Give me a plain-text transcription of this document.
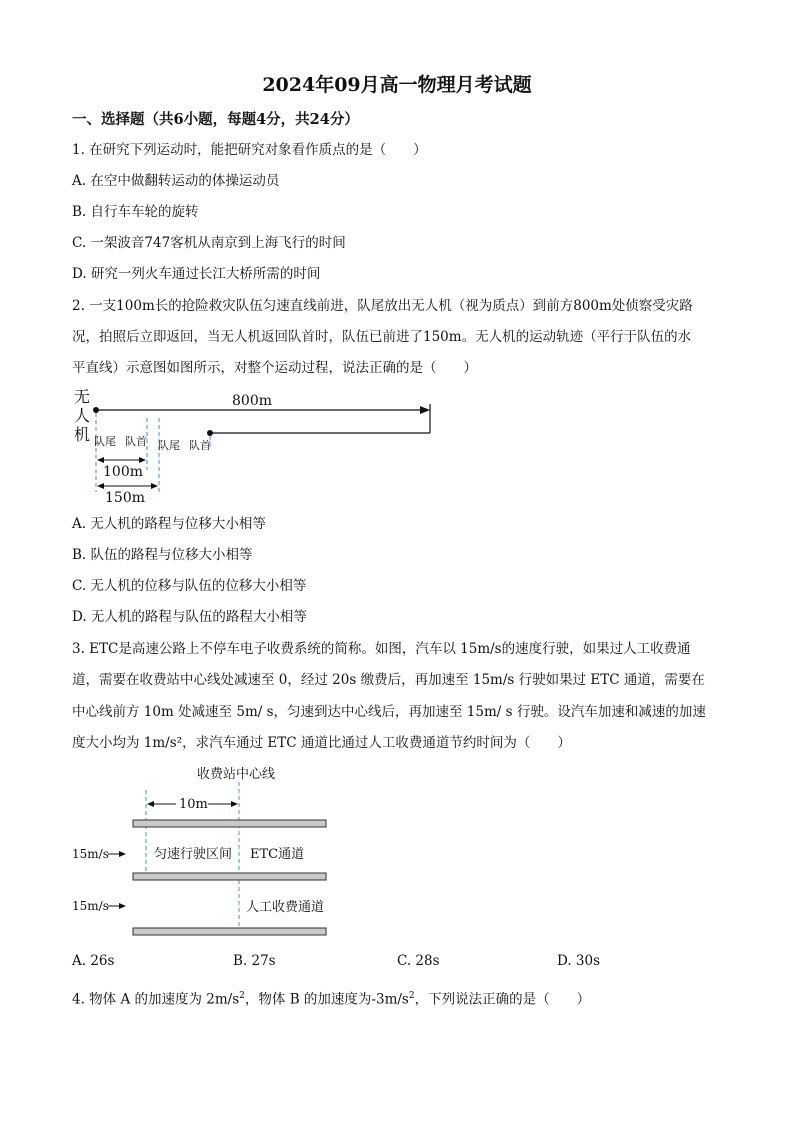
2024年09月高一物理月考试题
一、选择题（共6小题，每题4分，共24分）
1. 在研究下列运动时，能把研究对象看作质点的是（　　）
A. 在空中做翻转运动的体操运动员
B. 自行车车轮的旋转
C. 一架波音747客机从南京到上海飞行的时间
D. 研究一列火车通过长江大桥所需的时间
2. 一支100m长的抢险救灾队伍匀速直线前进，队尾放出无人机（视为质点）到前方800m处侦察受灾路
况，拍照后立即返回，当无人机返回队首时，队伍已前进了150m。无人机的运动轨迹（平行于队伍的水
平直线）示意图如图所示，对整个运动过程，说法正确的是（　　）
无
人
机
800m
队尾 队首 队尾 队首
100m
150m
A. 无人机的路程与位移大小相等
B. 队伍的路程与位移大小相等
C. 无人机的位移与队伍的位移大小相等
D. 无人机的路程与队伍的路程大小相等
3. ETC是高速公路上不停车电子收费系统的简称。如图，汽车以 15m/s的速度行驶，如果过人工收费通
道，需要在收费站中心线处减速至 0，经过 20s 缴费后，再加速至 15m/s 行驶如果过 ETC 通道，需要在
中心线前方 10m 处减速至 5m/ s，匀速到达中心线后，再加速至 15m/ s 行驶。设汽车加速和减速的加速
度大小均为 1m/s²，求汽车通过 ETC 通道比通过人工收费通道节约时间为（　　）
收费站中心线
10m
15m/s	匀速行驶区间 ETC通道
15m/s	人工收费通道
A. 26s	B. 27s	C. 28s	D. 30s
4. 物体 A 的加速度为 $2m/s^2$，物体 B 的加速度为$-3m/s^2$，下列说法正确的是（　　）
